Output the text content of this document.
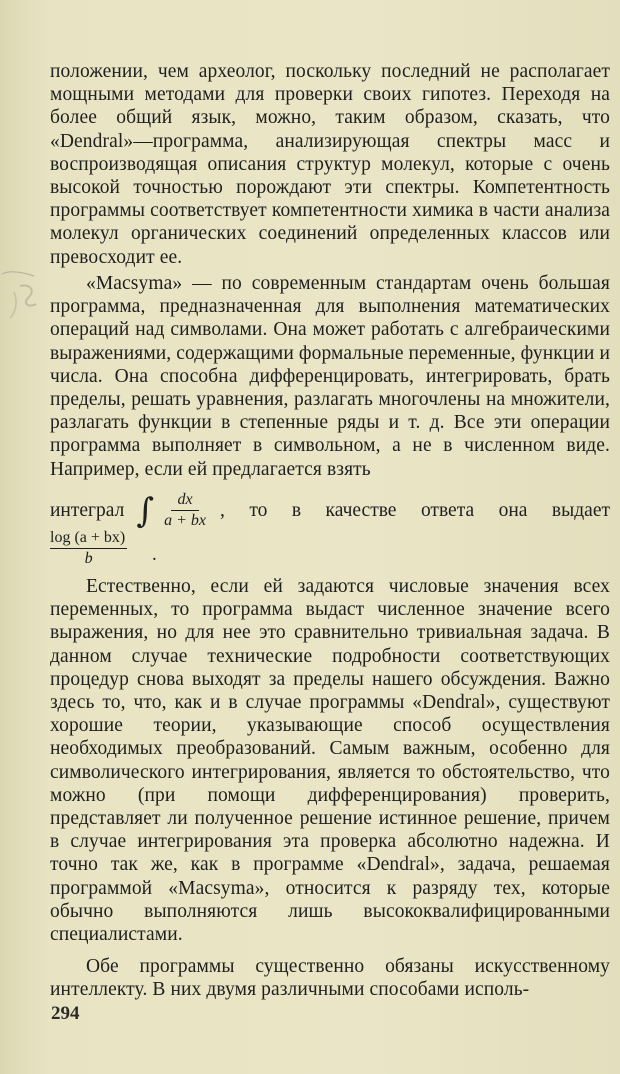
положении, чем археолог, поскольку последний не располагает мощными методами для проверки своих гипотез. Переходя на более общий язык, можно, таким образом, сказать, что «Dendral»—программа, анализирующая спектры масс и воспроизводящая описания структур молекул, которые с очень высокой точностью порождают эти спектры. Компетентность программы соответствует компетентности химика в части анализа молекул органических соединений определенных классов или превосходит ее.

«Macsyma» — по современным стандартам очень большая программа, предназначенная для выполнения математических операций над символами. Она может работать с алгебраическими выражениями, содержащими формальные переменные, функции и числа. Она способна дифференцировать, интегрировать, брать пределы, решать уравнения, разлагать многочлены на множители, разлагать функции в степенные ряды и т. д. Все эти операции программа выполняет в символьном, а не в численном виде. Например, если ей предлагается взять

интеграл ∫ $\frac{dx}{a + bx}$ , то в качестве ответа она выдает
$\frac{\log (a + bx)}{b}$ .

Естественно, если ей задаются числовые значения всех переменных, то программа выдаст численное значение всего выражения, но для нее это сравнительно тривиальная задача. В данном случае технические подробности соответствующих процедур снова выходят за пределы нашего обсуждения. Важно здесь то, что, как и в случае программы «Dendral», существуют хорошие теории, указывающие способ осуществления необходимых преобразований. Самым важным, особенно для символического интегрирования, является то обстоятельство, что можно (при помощи дифференцирования) проверить, представляет ли полученное решение истинное решение, причем в случае интегрирования эта проверка абсолютно надежна. И точно так же, как в программе «Dendral», задача, решаемая программой «Macsyma», относится к разряду тех, которые обычно выполняются лишь высококвалифицированными специалистами.

Обе программы существенно обязаны искусственному интеллекту. В них двумя различными способами исполь-

294
